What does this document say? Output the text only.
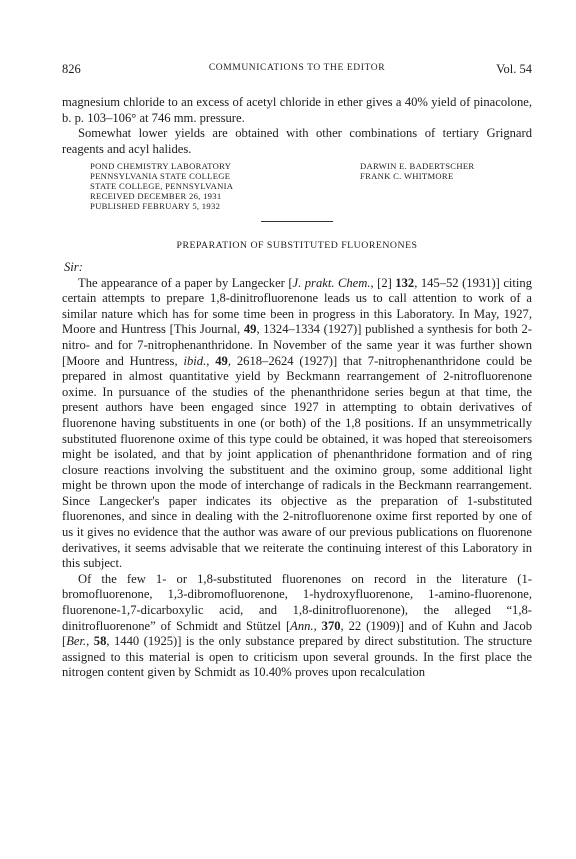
826	COMMUNICATIONS TO THE EDITOR	Vol. 54

magnesium chloride to an excess of acetyl chloride in ether gives a 40% yield of pinacolone, b. p. 103–106° at 746 mm. pressure.

Somewhat lower yields are obtained with other combinations of tertiary Grignard reagents and acyl halides.

POND CHEMISTRY LABORATORY
PENNSYLVANIA STATE COLLEGE
STATE COLLEGE, PENNSYLVANIA
RECEIVED DECEMBER 26, 1931
PUBLISHED FEBRUARY 5, 1932
DARWIN E. BADERTSCHER
FRANK C. WHITMORE
PREPARATION OF SUBSTITUTED FLUORENONES
Sir:

The appearance of a paper by Langecker [J. prakt. Chem., [2] 132, 145–52 (1931)] citing certain attempts to prepare 1,8-dinitrofluorenone leads us to call attention to work of a similar nature which has for some time been in progress in this Laboratory. In May, 1927, Moore and Huntress [This Journal, 49, 1324–1334 (1927)] published a synthesis for both 2-nitro- and for 7-nitrophenanthridone. In November of the same year it was further shown [Moore and Huntress, ibid., 49, 2618–2624 (1927)] that 7-nitrophenanthridone could be prepared in almost quantitative yield by Beckmann rearrangement of 2-nitrofluorenone oxime. In pursuance of the studies of the phenanthridone series begun at that time, the present authors have been engaged since 1927 in attempting to obtain derivatives of fluorenone having substituents in one (or both) of the 1,8 positions. If an unsymmetrically substituted fluorenone oxime of this type could be obtained, it was hoped that stereoisomers might be isolated, and that by joint application of phenanthridone formation and of ring closure reactions involving the substituent and the oximino group, some additional light might be thrown upon the mode of interchange of radicals in the Beckmann rearrangement. Since Langecker's paper indicates its objective as the preparation of 1-substituted fluorenones, and since in dealing with the 2-nitrofluorenone oxime first reported by one of us it gives no evidence that the author was aware of our previous publications on fluorenone derivatives, it seems advisable that we reiterate the continuing interest of this Laboratory in this subject.

Of the few 1- or 1,8-substituted fluorenones on record in the literature (1-bromofluorenone, 1,3-dibromofluorenone, 1-hydroxyfluorenone, 1-amino-fluorenone, fluorenone-1,7-dicarboxylic acid, and 1,8-dinitrofluorenone), the alleged “1,8-dinitrofluorenone” of Schmidt and Stützel [Ann., 370, 22 (1909)] and of Kuhn and Jacob [Ber., 58, 1440 (1925)] is the only substance prepared by direct substitution. The structure assigned to this material is open to criticism upon several grounds. In the first place the nitrogen content given by Schmidt as 10.40% proves upon recalculation
